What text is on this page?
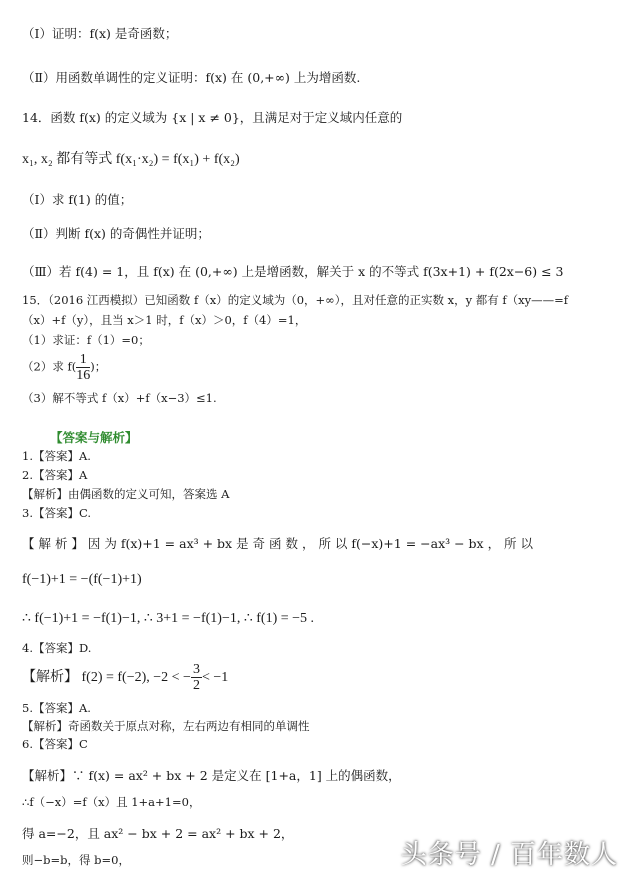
（Ⅰ）证明：f(x) 是奇函数；
（Ⅱ）用函数单调性的定义证明：f(x) 在 (0,+∞) 上为增函数.
14．函数 f(x) 的定义域为 {x | x ≠ 0}，且满足对于定义域内任意的
x₁, x₂ 都有等式 f(x₁·x₂) = f(x₁) + f(x₂)
（Ⅰ）求 f(1) 的值；
（Ⅱ）判断 f(x) 的奇偶性并证明；
（Ⅲ）若 f(4) = 1，且 f(x) 在 (0,+∞) 上是增函数，解关于 x 的不等式 f(3x+1) + f(2x−6) ≤ 3
15．（2016 江西模拟）已知函数 f（x）的定义域为（0，+∞），且对任意的正实数 x，y 都有 f（xy——=f
（x）+f（y），且当 x＞1 时，f（x）＞0，f（4）=1，
（1）求证：f（1）=0；
（2）求 $f( \frac{1}{16}$ )；
（3）解不等式 f（x）+f（x−3）≤1.
【答案与解析】
1.【答案】A.
2.【答案】A
【解析】由偶函数的定义可知，答案选 A
3.【答案】C.
【 解 析 】 因 为 f(x)+1 = ax³ + bx 是 奇 函 数 ， 所 以 f(−x)+1 = −ax³ − bx ， 所 以
f(−1)+1 = −(f(−1)+1)
∴ f(−1)+1 = −f(1)−1, ∴ 3+1 = −f(1)−1, ∴ f(1) = −5 .
4.【答案】D.
【解析】 f(2) = f(−2), −2 < − $\frac{3}{2} < -1$
5.【答案】A.
【解析】奇函数关于原点对称，左右两边有相同的单调性
6.【答案】C
【解析】∵ f(x) = ax² + bx + 2 是定义在 [1+a，1] 上的偶函数，
∴f（−x）=f（x）且 1+a+1=0，
得 a=−2，且 ax² − bx + 2 = ax² + bx + 2，
则−b=b，得 b=0，	头条号 / 百年数人
